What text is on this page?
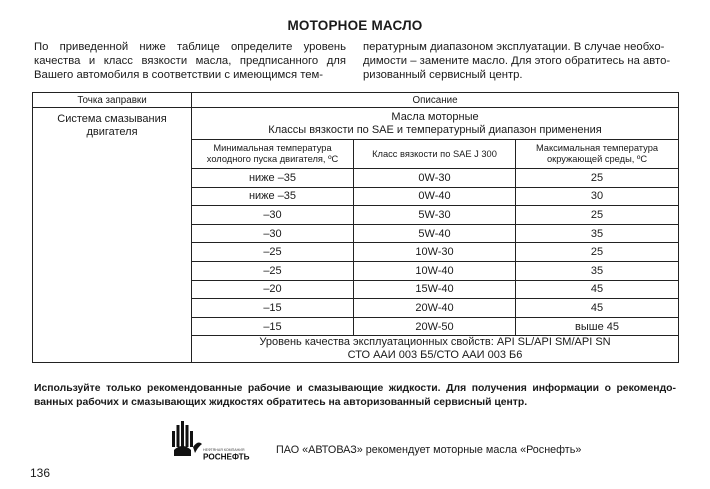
МОТОРНОЕ МАСЛО
По приведенной ниже таблице определите уровень качества и класс вязкости масла, предписанного для Вашего автомобиля в соответствии с имеющимся тем-
пературным диапазоном эксплуатации. В случае необхо-димости – замените масло. Для этого обратитесь на авто-ризованный сервисный центр.
Точка заправки	Описание		
Система смазывания двигателя	Масла моторные
Классы вязкости по SAE и температурный диапазон применения		

	Минимальная температура холодного пуска двигателя, ºС	Класс вязкости по SAE J 300	Максимальная температура окружающей среды, ºС
	ниже –35	0W-30	25
	ниже –35	0W-40	30
	–30	5W-30	25
	–30	5W-40	35
	–25	10W-30	25
	–25	10W-40	35
	–20	15W-40	45
	–15	20W-40	45
	–15	20W-50	выше 45

	Уровень качества эксплуатационных свойств: API SL/API SM/API SN
СТО ААИ 003 Б5/СТО ААИ 003 Б6		
Используйте только рекомендованные рабочие и смазывающие жидкости. Для получения информации о рекомендо-ванных рабочих и смазывающих жидкостях обратитесь на авторизованный сервисный центр.
НЕФТЯНАЯ КОМПАНИЯ
РОСНЕФТЬ
ПАО «АВТОВАЗ» рекомендует моторные масла «Роснефть»
136
